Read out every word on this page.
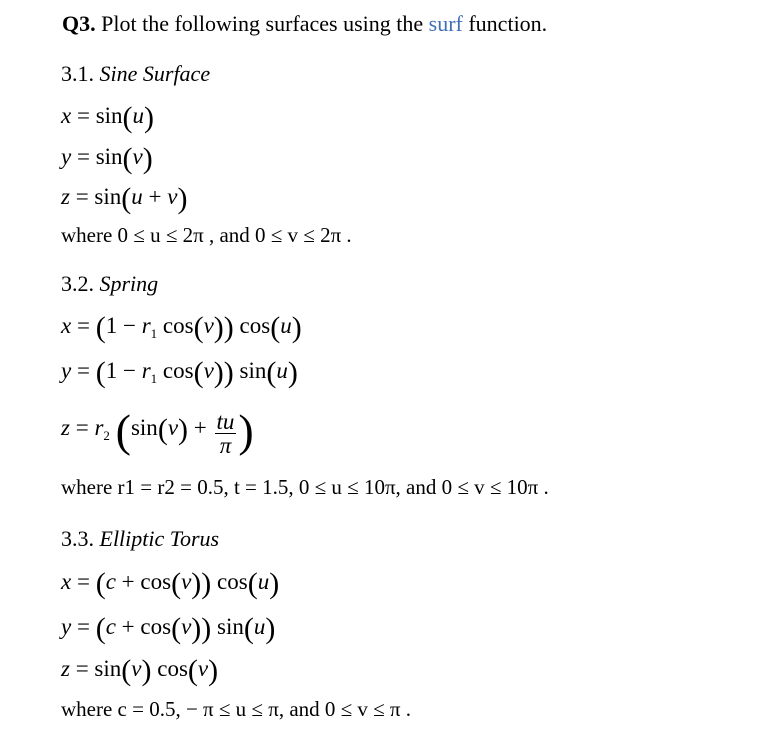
Q3. Plot the following surfaces using the surf function.
3.1. Sine Surface
x = sin(u)
y = sin(v)
z = sin(u + v)
where 0 ≤ u ≤ 2π , and 0 ≤ v ≤ 2π .
3.2. Spring
$x = (1 - r_1$ cos(v)) cos(u)
$y = (1 - r_1$ cos(v)) sin(u)
$z = r_2$ ($\sin(v) + \frac{tu}{\pi}$ )
where r1 = r2 = 0.5, t = 1.5, 0 ≤ u ≤ 10π, and 0 ≤ v ≤ 10π .
3.3. Elliptic Torus
x = (c + cos(v)) cos(u)
y = (c + cos(v)) sin(u)
z = sin(v) cos(v)
where c = 0.5, − π ≤ u ≤ π, and 0 ≤ v ≤ π .
